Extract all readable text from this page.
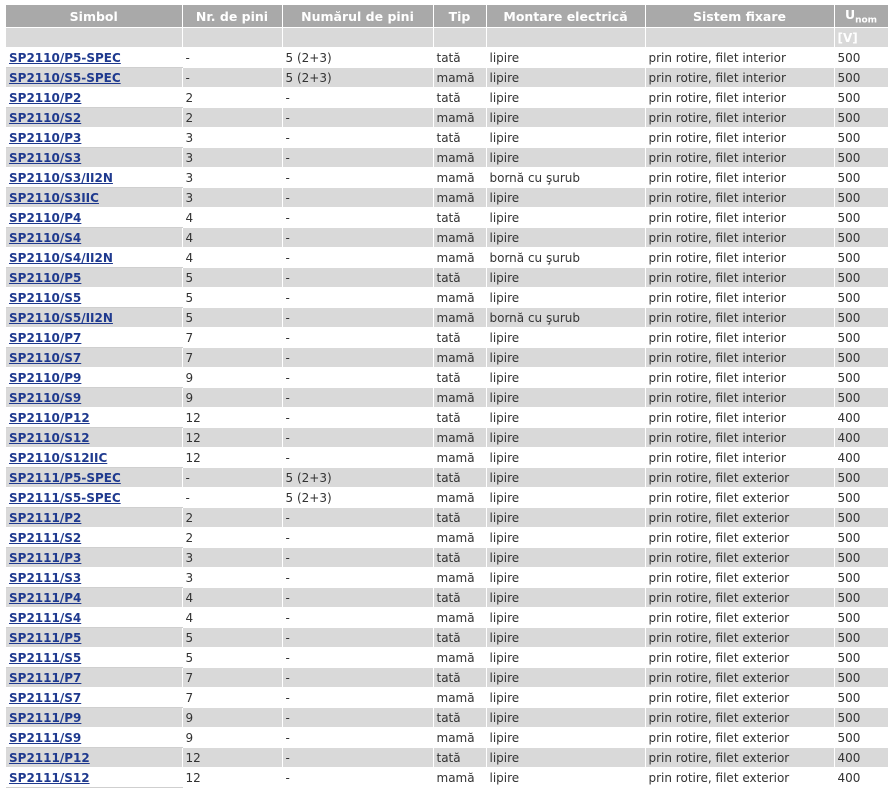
Simbol	Nr. de pini	Numărul de pini	Tip	Montare electrică	Sistem fixare	$U_{nom}$
						[V]
SP2110/P5-SPEC	-	5 (2+3)	tată	lipire	prin rotire, filet interior	500
SP2110/S5-SPEC	-	5 (2+3)	mamă	lipire	prin rotire, filet interior	500
SP2110/P2	2	-	tată	lipire	prin rotire, filet interior	500
SP2110/S2	2	-	mamă	lipire	prin rotire, filet interior	500
SP2110/P3	3	-	tată	lipire	prin rotire, filet interior	500
SP2110/S3	3	-	mamă	lipire	prin rotire, filet interior	500
SP2110/S3/II2N	3	-	mamă	bornă cu şurub	prin rotire, filet interior	500
SP2110/S3IIC	3	-	mamă	lipire	prin rotire, filet interior	500
SP2110/P4	4	-	tată	lipire	prin rotire, filet interior	500
SP2110/S4	4	-	mamă	lipire	prin rotire, filet interior	500
SP2110/S4/II2N	4	-	mamă	bornă cu şurub	prin rotire, filet interior	500
SP2110/P5	5	-	tată	lipire	prin rotire, filet interior	500
SP2110/S5	5	-	mamă	lipire	prin rotire, filet interior	500
SP2110/S5/II2N	5	-	mamă	bornă cu şurub	prin rotire, filet interior	500
SP2110/P7	7	-	tată	lipire	prin rotire, filet interior	500
SP2110/S7	7	-	mamă	lipire	prin rotire, filet interior	500
SP2110/P9	9	-	tată	lipire	prin rotire, filet interior	500
SP2110/S9	9	-	mamă	lipire	prin rotire, filet interior	500
SP2110/P12	12	-	tată	lipire	prin rotire, filet interior	400
SP2110/S12	12	-	mamă	lipire	prin rotire, filet interior	400
SP2110/S12IIC	12	-	mamă	lipire	prin rotire, filet interior	400
SP2111/P5-SPEC	-	5 (2+3)	tată	lipire	prin rotire, filet exterior	500
SP2111/S5-SPEC	-	5 (2+3)	mamă	lipire	prin rotire, filet exterior	500
SP2111/P2	2	-	tată	lipire	prin rotire, filet exterior	500
SP2111/S2	2	-	mamă	lipire	prin rotire, filet exterior	500
SP2111/P3	3	-	tată	lipire	prin rotire, filet exterior	500
SP2111/S3	3	-	mamă	lipire	prin rotire, filet exterior	500
SP2111/P4	4	-	tată	lipire	prin rotire, filet exterior	500
SP2111/S4	4	-	mamă	lipire	prin rotire, filet exterior	500
SP2111/P5	5	-	tată	lipire	prin rotire, filet exterior	500
SP2111/S5	5	-	mamă	lipire	prin rotire, filet exterior	500
SP2111/P7	7	-	tată	lipire	prin rotire, filet exterior	500
SP2111/S7	7	-	mamă	lipire	prin rotire, filet exterior	500
SP2111/P9	9	-	tată	lipire	prin rotire, filet exterior	500
SP2111/S9	9	-	mamă	lipire	prin rotire, filet exterior	500
SP2111/P12	12	-	tată	lipire	prin rotire, filet exterior	400
SP2111/S12	12	-	mamă	lipire	prin rotire, filet exterior	400
